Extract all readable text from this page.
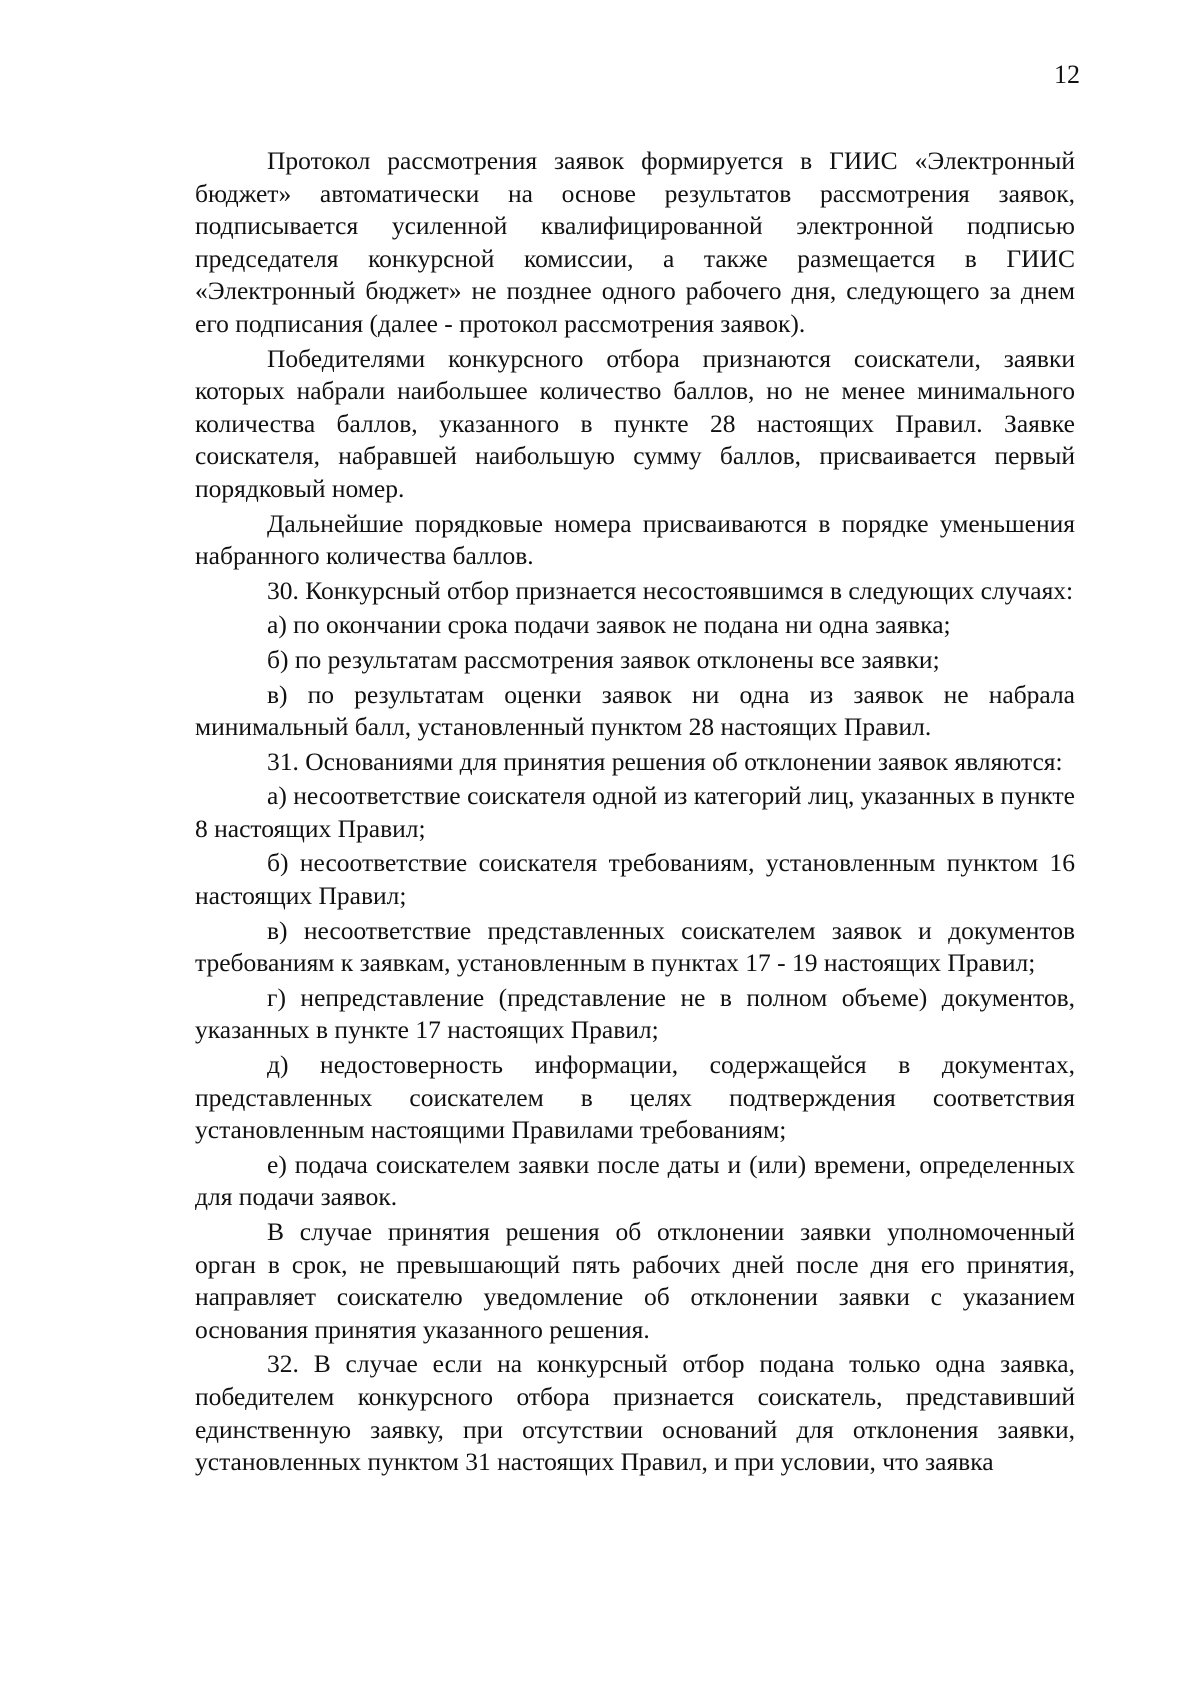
12

Протокол рассмотрения заявок формируется в ГИИС «Электронный бюджет» автоматически на основе результатов рассмотрения заявок, подписывается усиленной квалифицированной электронной подписью председателя конкурсной комиссии, а также размещается в ГИИС «Электронный бюджет» не позднее одного рабочего дня, следующего за днем его подписания (далее - протокол рассмотрения заявок).

Победителями конкурсного отбора признаются соискатели, заявки которых набрали наибольшее количество баллов, но не менее минимального количества баллов, указанного в пункте 28 настоящих Правил. Заявке соискателя, набравшей наибольшую сумму баллов, присваивается первый порядковый номер.

Дальнейшие порядковые номера присваиваются в порядке уменьшения набранного количества баллов.

30. Конкурсный отбор признается несостоявшимся в следующих случаях:

а) по окончании срока подачи заявок не подана ни одна заявка;

б) по результатам рассмотрения заявок отклонены все заявки;

в) по результатам оценки заявок ни одна из заявок не набрала минимальный балл, установленный пунктом 28 настоящих Правил.

31. Основаниями для принятия решения об отклонении заявок являются:

а) несоответствие соискателя одной из категорий лиц, указанных в пункте 8 настоящих Правил;

б) несоответствие соискателя требованиям, установленным пунктом 16 настоящих Правил;

в) несоответствие представленных соискателем заявок и документов требованиям к заявкам, установленным в пунктах 17 - 19 настоящих Правил;

г) непредставление (представление не в полном объеме) документов, указанных в пункте 17 настоящих Правил;

д) недостоверность информации, содержащейся в документах, представленных соискателем в целях подтверждения соответствия установленным настоящими Правилами требованиям;

е) подача соискателем заявки после даты и (или) времени, определенных для подачи заявок.

В случае принятия решения об отклонении заявки уполномоченный орган в срок, не превышающий пять рабочих дней после дня его принятия, направляет соискателю уведомление об отклонении заявки с указанием основания принятия указанного решения.

32. В случае если на конкурсный отбор подана только одна заявка, победителем конкурсного отбора признается соискатель, представивший единственную заявку, при отсутствии оснований для отклонения заявки, установленных пунктом 31 настоящих Правил, и при условии, что заявка
